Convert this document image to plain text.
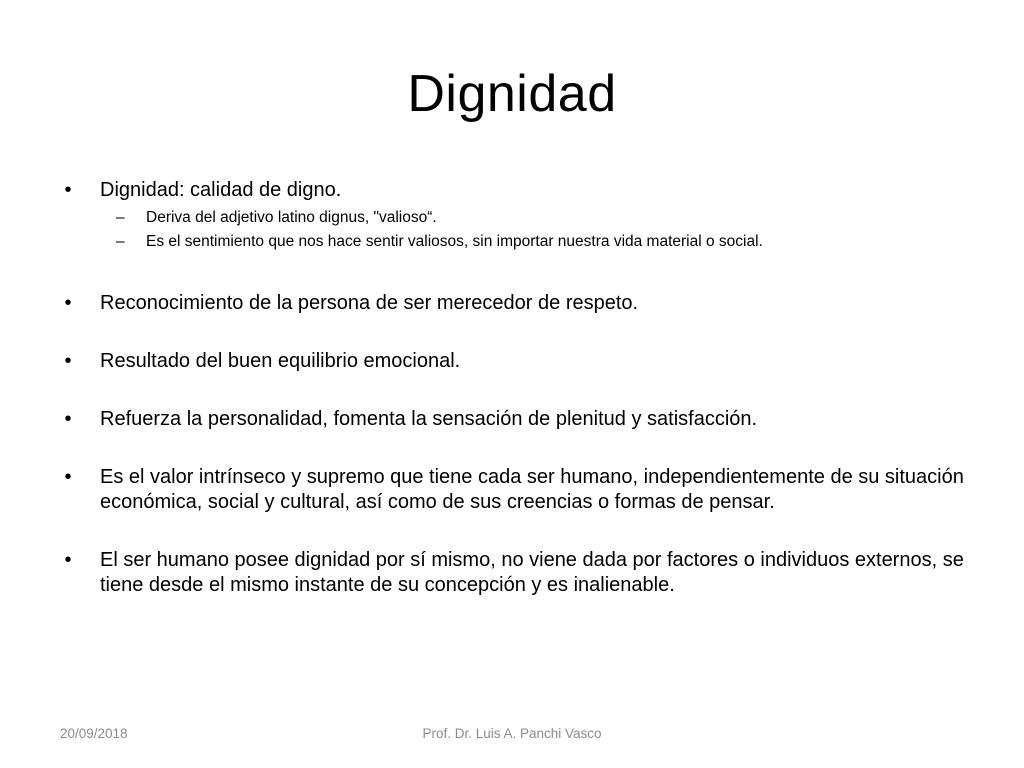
Dignidad
•	Dignidad: calidad de digno.
– Deriva del adjetivo latino dignus, "valioso“.
– Es el sentimiento que nos hace sentir valiosos, sin importar nuestra vida material o social.
•	Reconocimiento de la persona de ser merecedor de respeto.
•	Resultado del buen equilibrio emocional.
•	Refuerza la personalidad, fomenta la sensación de plenitud y satisfacción.
•	Es el valor intrínseco y supremo que tiene cada ser humano, independientemente de su situación económica, social y cultural, así como de sus creencias o formas de pensar.
•	El ser humano posee dignidad por sí mismo, no viene dada por factores o individuos externos, se tiene desde el mismo instante de su concepción y es inalienable.
20/09/2018	Prof. Dr. Luis A. Panchi Vasco
